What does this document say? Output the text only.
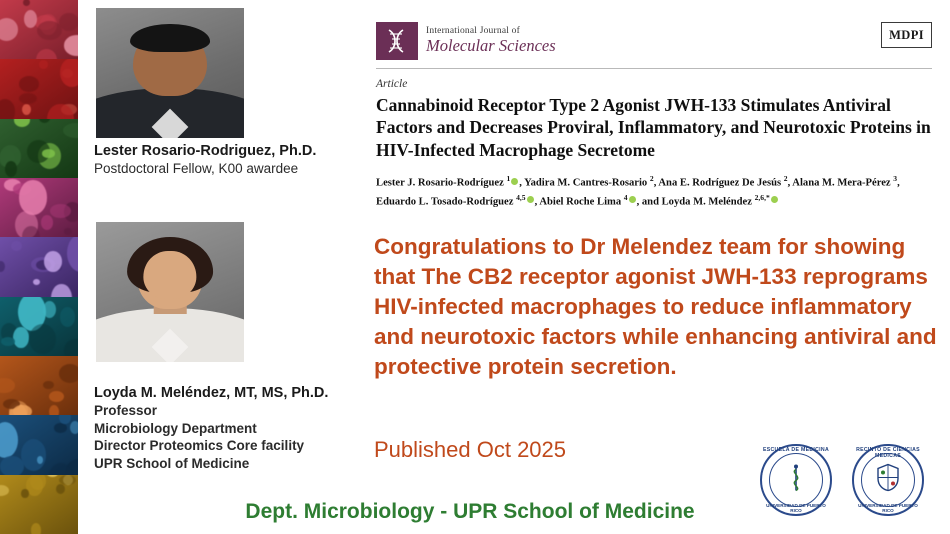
Lester Rosario-Rodriguez, Ph.D.
Postdoctoral Fellow, K00 awardee
Loyda M. Meléndez, MT, MS, Ph.D.
Professor
Microbiology Department
Director Proteomics Core facility
UPR School of Medicine
International Journal of
Molecular Sciences
MDPI
Article
Cannabinoid Receptor Type 2 Agonist JWH-133 Stimulates Antiviral Factors and Decreases Proviral, Inflammatory, and Neurotoxic Proteins in HIV-Infected Macrophage Secretome
Lester J. Rosario-Rodríguez $^1$ , Yadira M. Cantres-Rosario $^2$, Ana E. Rodríguez De Jesús $^2$, Alana M. Mera-Pérez $^3$, Eduardo L. Tosado-Rodríguez $^{4,5}$ , Abiel Roche Lima $^4$ , and Loyda M. Meléndez $^{2,6,*}$
Congratulations to Dr Melendez team for showing that The CB2 receptor agonist JWH-133 reprograms HIV-infected macrophages to reduce inflammatory and neurotoxic factors while enhancing antiviral and protective protein secretion.
Published Oct 2025
Dept. Microbiology - UPR School of Medicine
ESCUELA DE MEDICINA
UNIVERSIDAD DE PUERTO RICO
RECINTO DE CIENCIAS MEDICAS
UNIVERSIDAD DE PUERTO RICO
